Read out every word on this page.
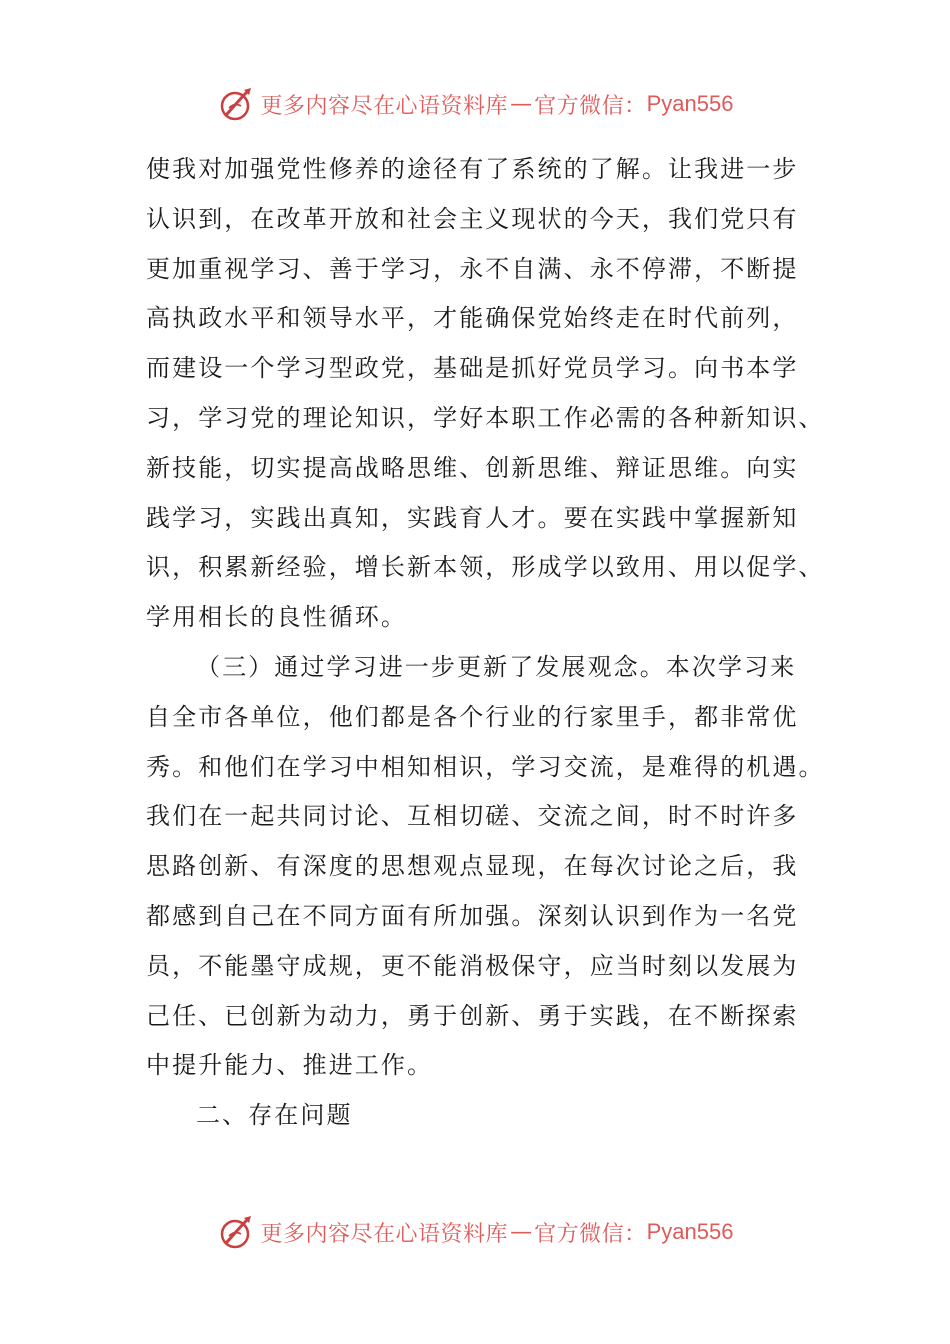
更多内容尽在心语资料库 — 官方微信： Pyan556
使我对加强党性修养的途径有了系统的了解。让我进一步
认识到，在改革开放和社会主义现状的今天，我们党只有
更加重视学习、善于学习，永不自满、永不停滞，不断提
高执政水平和领导水平，才能确保党始终走在时代前列，
而建设一个学习型政党，基础是抓好党员学习。向书本学
习，学习党的理论知识，学好本职工作必需的各种新知识、
新技能，切实提高战略思维、创新思维、辩证思维。向实
践学习，实践出真知，实践育人才。要在实践中掌握新知
识，积累新经验，增长新本领，形成学以致用、用以促学、
学用相长的良性循环。
（三）通过学习进一步更新了发展观念。本次学习来
自全市各单位，他们都是各个行业的行家里手，都非常优
秀。和他们在学习中相知相识，学习交流，是难得的机遇。
我们在一起共同讨论、互相切磋、交流之间，时不时许多
思路创新、有深度的思想观点显现，在每次讨论之后，我
都感到自己在不同方面有所加强。深刻认识到作为一名党
员，不能墨守成规，更不能消极保守，应当时刻以发展为
己任、已创新为动力，勇于创新、勇于实践，在不断探索
中提升能力、推进工作。
二、存在问题
更多内容尽在心语资料库 — 官方微信： Pyan556
